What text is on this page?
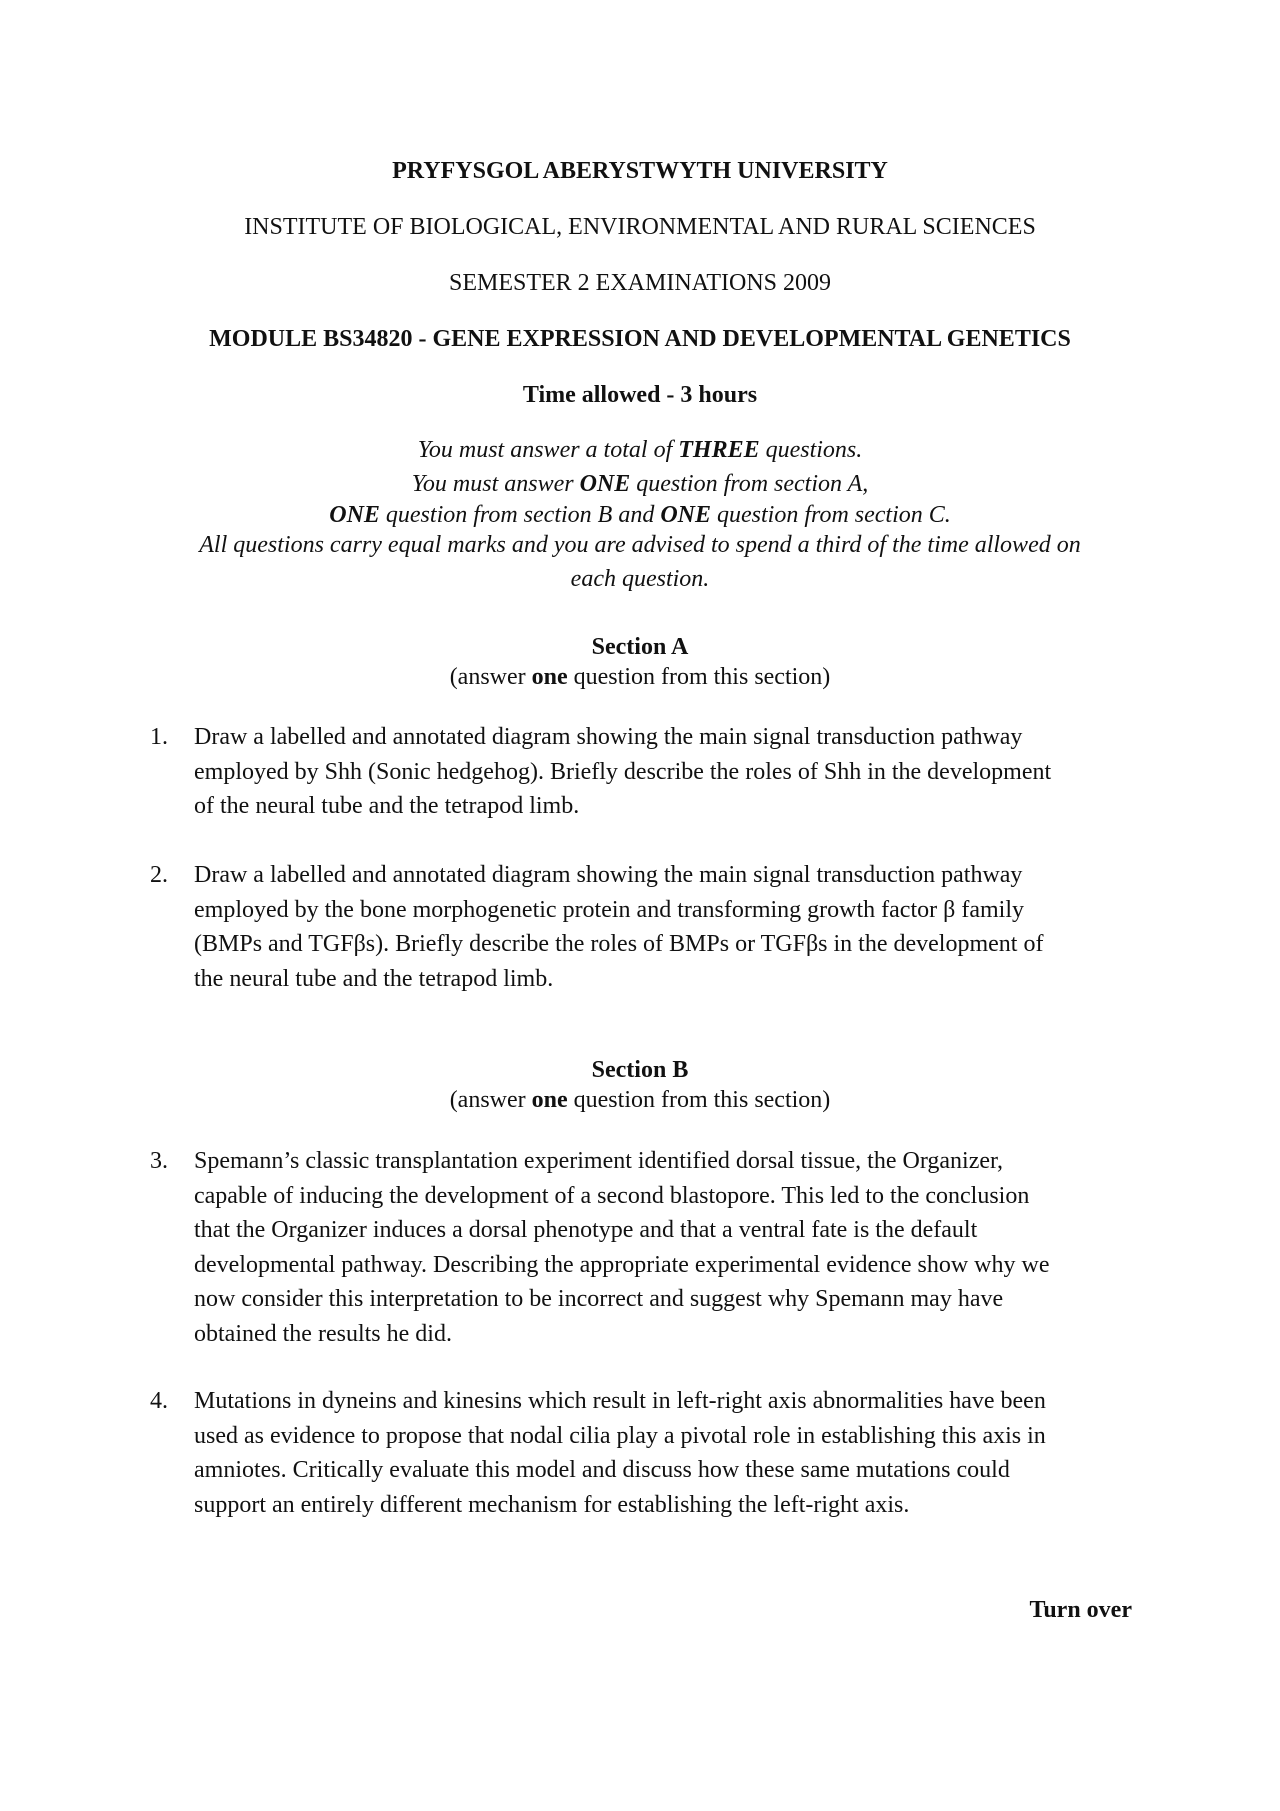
PRYFYSGOL ABERYSTWYTH UNIVERSITY
INSTITUTE OF BIOLOGICAL, ENVIRONMENTAL AND RURAL SCIENCES
SEMESTER 2 EXAMINATIONS 2009
MODULE BS34820 - GENE EXPRESSION AND DEVELOPMENTAL GENETICS
Time allowed - 3 hours
You must answer a total of THREE questions.
You must answer ONE question from section A,
ONE question from section B and ONE question from section C.
All questions carry equal marks and you are advised to spend a third of the time allowed on
each question.
Section A
(answer one question from this section)
1.	Draw a labelled and annotated diagram showing the main signal transduction pathway
employed by Shh (Sonic hedgehog). Briefly describe the roles of Shh in the development
of the neural tube and the tetrapod limb.
2.	Draw a labelled and annotated diagram showing the main signal transduction pathway
employed by the bone morphogenetic protein and transforming growth factor β family
(BMPs and TGFβs). Briefly describe the roles of BMPs or TGFβs in the development of
the neural tube and the tetrapod limb.
Section B
(answer one question from this section)
3.	Spemann’s classic transplantation experiment identified dorsal tissue, the Organizer,
capable of inducing the development of a second blastopore. This led to the conclusion
that the Organizer induces a dorsal phenotype and that a ventral fate is the default
developmental pathway. Describing the appropriate experimental evidence show why we
now consider this interpretation to be incorrect and suggest why Spemann may have
obtained the results he did.
4.	Mutations in dyneins and kinesins which result in left-right axis abnormalities have been
used as evidence to propose that nodal cilia play a pivotal role in establishing this axis in
amniotes. Critically evaluate this model and discuss how these same mutations could
support an entirely different mechanism for establishing the left-right axis.
Turn over
